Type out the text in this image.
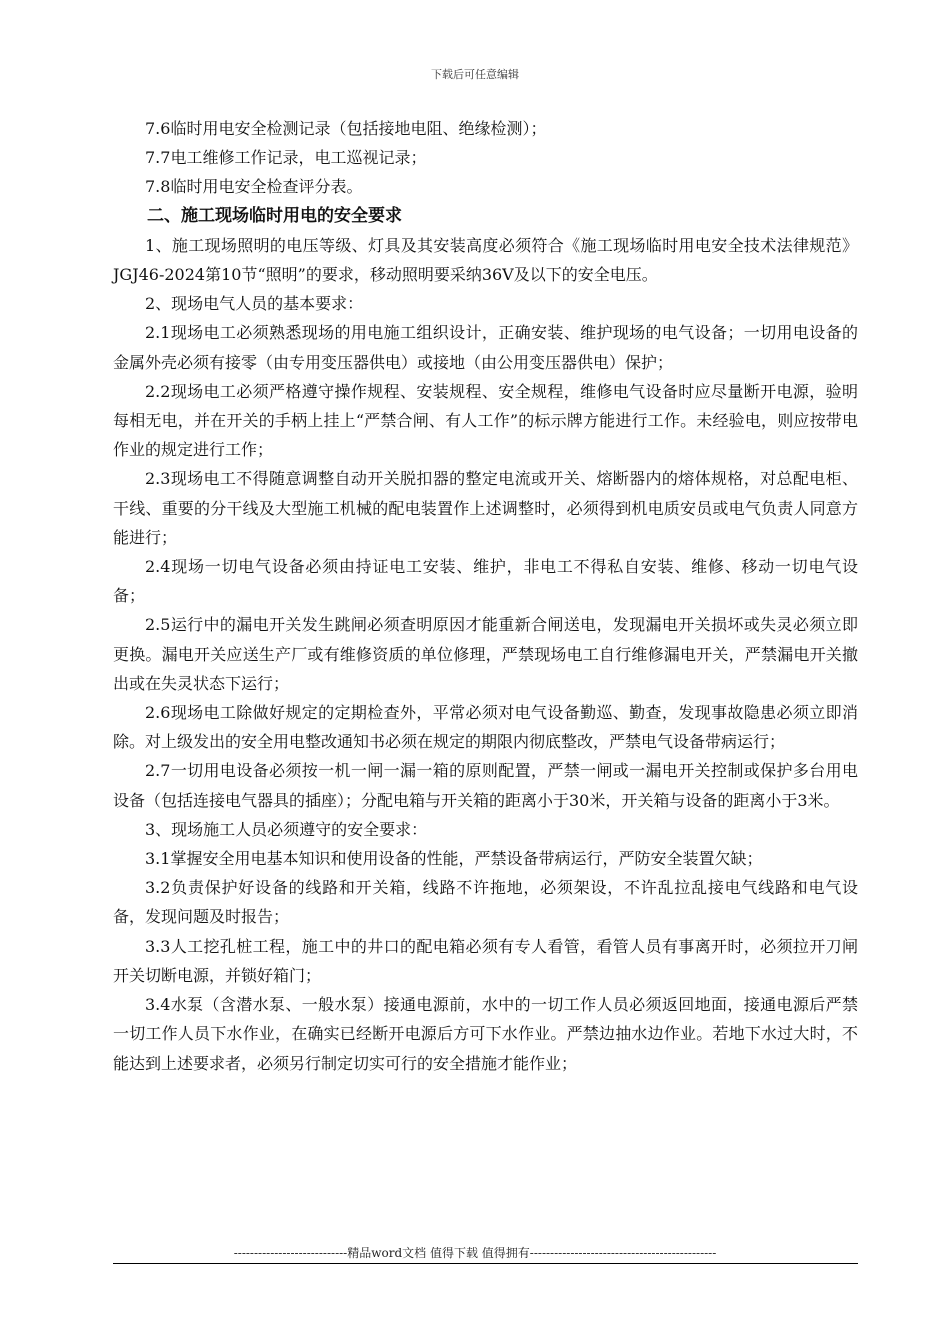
下载后可任意编辑

7.6临时用电安全检测记录（包括接地电阻、绝缘检测）；

7.7电工维修工作记录，电工巡视记录；

7.8临时用电安全检查评分表。

二、施工现场临时用电的安全要求

1、施工现场照明的电压等级、灯具及其安装高度必须符合《施工现场临时用电安全技术法律规范》JGJ46-2024第10节“照明”的要求，移动照明要采纳36V及以下的安全电压。

2、现场电气人员的基本要求：

2.1现场电工必须熟悉现场的用电施工组织设计，正确安装、维护现场的电气设备；一切用电设备的金属外壳必须有接零（由专用变压器供电）或接地（由公用变压器供电）保护；

2.2现场电工必须严格遵守操作规程、安装规程、安全规程，维修电气设备时应尽量断开电源，验明每相无电，并在开关的手柄上挂上“严禁合闸、有人工作”的标示牌方能进行工作。未经验电，则应按带电作业的规定进行工作；

2.3现场电工不得随意调整自动开关脱扣器的整定电流或开关、熔断器内的熔体规格，对总配电柜、干线、重要的分干线及大型施工机械的配电装置作上述调整时，必须得到机电质安员或电气负责人同意方能进行；

2.4现场一切电气设备必须由持证电工安装、维护，非电工不得私自安装、维修、移动一切电气设备；

2.5运行中的漏电开关发生跳闸必须查明原因才能重新合闸送电，发现漏电开关损坏或失灵必须立即更换。漏电开关应送生产厂或有维修资质的单位修理，严禁现场电工自行维修漏电开关，严禁漏电开关撤出或在失灵状态下运行；

2.6现场电工除做好规定的定期检查外，平常必须对电气设备勤巡、勤查，发现事故隐患必须立即消除。对上级发出的安全用电整改通知书必须在规定的期限内彻底整改，严禁电气设备带病运行；

2.7一切用电设备必须按一机一闸一漏一箱的原则配置，严禁一闸或一漏电开关控制或保护多台用电设备（包括连接电气器具的插座）；分配电箱与开关箱的距离小于30米，开关箱与设备的距离小于3米。

3、现场施工人员必须遵守的安全要求：

3.1掌握安全用电基本知识和使用设备的性能，严禁设备带病运行，严防安全装置欠缺；

3.2负责保护好设备的线路和开关箱，线路不许拖地，必须架设，不许乱拉乱接电气线路和电气设备，发现问题及时报告；

3.3人工挖孔桩工程，施工中的井口的配电箱必须有专人看管，看管人员有事离开时，必须拉开刀闸开关切断电源，并锁好箱门；

3.4水泵（含潜水泵、一般水泵）接通电源前，水中的一切工作人员必须返回地面，接通电源后严禁一切工作人员下水作业，在确实已经断开电源后方可下水作业。严禁边抽水边作业。若地下水过大时，不能达到上述要求者，必须另行制定切实可行的安全措施才能作业；

----------------------------精品word文档 值得下载 值得拥有----------------------------------------------
